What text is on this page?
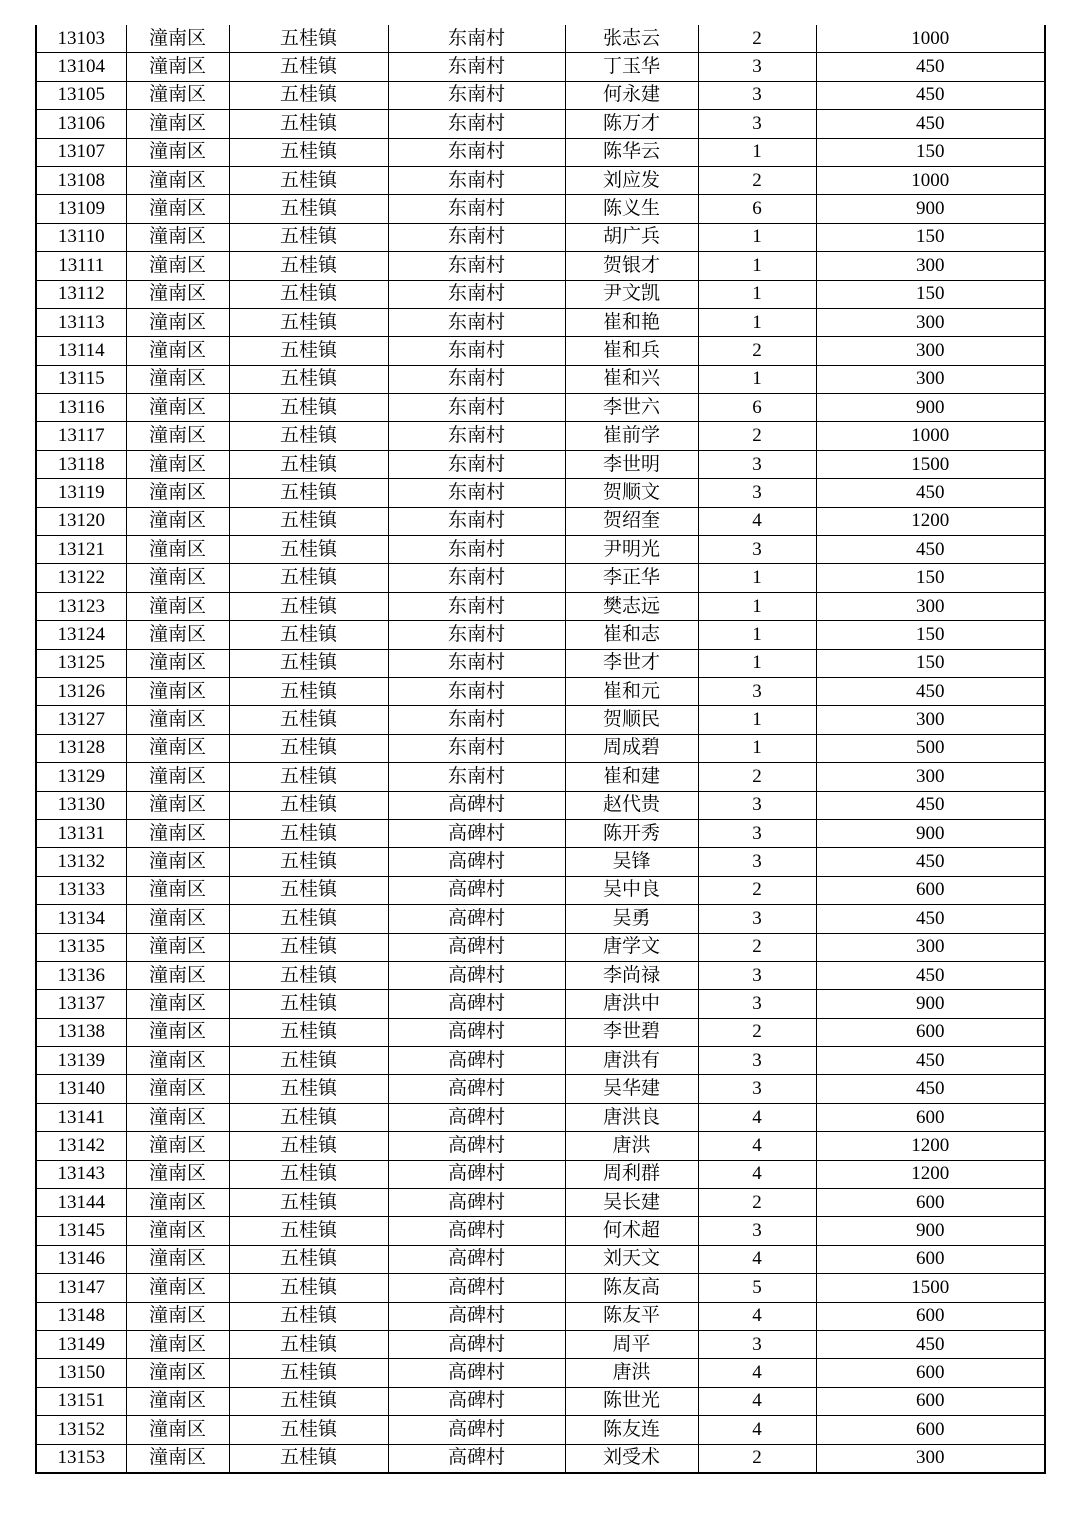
13103	潼南区	五桂镇	东南村	张志云	2	1000
13104	潼南区	五桂镇	东南村	丁玉华	3	450
13105	潼南区	五桂镇	东南村	何永建	3	450
13106	潼南区	五桂镇	东南村	陈万才	3	450
13107	潼南区	五桂镇	东南村	陈华云	1	150
13108	潼南区	五桂镇	东南村	刘应发	2	1000
13109	潼南区	五桂镇	东南村	陈义生	6	900
13110	潼南区	五桂镇	东南村	胡广兵	1	150
13111	潼南区	五桂镇	东南村	贺银才	1	300
13112	潼南区	五桂镇	东南村	尹文凯	1	150
13113	潼南区	五桂镇	东南村	崔和艳	1	300
13114	潼南区	五桂镇	东南村	崔和兵	2	300
13115	潼南区	五桂镇	东南村	崔和兴	1	300
13116	潼南区	五桂镇	东南村	李世六	6	900
13117	潼南区	五桂镇	东南村	崔前学	2	1000
13118	潼南区	五桂镇	东南村	李世明	3	1500
13119	潼南区	五桂镇	东南村	贺顺文	3	450
13120	潼南区	五桂镇	东南村	贺绍奎	4	1200
13121	潼南区	五桂镇	东南村	尹明光	3	450
13122	潼南区	五桂镇	东南村	李正华	1	150
13123	潼南区	五桂镇	东南村	樊志远	1	300
13124	潼南区	五桂镇	东南村	崔和志	1	150
13125	潼南区	五桂镇	东南村	李世才	1	150
13126	潼南区	五桂镇	东南村	崔和元	3	450
13127	潼南区	五桂镇	东南村	贺顺民	1	300
13128	潼南区	五桂镇	东南村	周成碧	1	500
13129	潼南区	五桂镇	东南村	崔和建	2	300
13130	潼南区	五桂镇	高碑村	赵代贵	3	450
13131	潼南区	五桂镇	高碑村	陈开秀	3	900
13132	潼南区	五桂镇	高碑村	吴锋	3	450
13133	潼南区	五桂镇	高碑村	吴中良	2	600
13134	潼南区	五桂镇	高碑村	吴勇	3	450
13135	潼南区	五桂镇	高碑村	唐学文	2	300
13136	潼南区	五桂镇	高碑村	李尚禄	3	450
13137	潼南区	五桂镇	高碑村	唐洪中	3	900
13138	潼南区	五桂镇	高碑村	李世碧	2	600
13139	潼南区	五桂镇	高碑村	唐洪有	3	450
13140	潼南区	五桂镇	高碑村	吴华建	3	450
13141	潼南区	五桂镇	高碑村	唐洪良	4	600
13142	潼南区	五桂镇	高碑村	唐洪	4	1200
13143	潼南区	五桂镇	高碑村	周利群	4	1200
13144	潼南区	五桂镇	高碑村	吴长建	2	600
13145	潼南区	五桂镇	高碑村	何术超	3	900
13146	潼南区	五桂镇	高碑村	刘天文	4	600
13147	潼南区	五桂镇	高碑村	陈友高	5	1500
13148	潼南区	五桂镇	高碑村	陈友平	4	600
13149	潼南区	五桂镇	高碑村	周平	3	450
13150	潼南区	五桂镇	高碑村	唐洪	4	600
13151	潼南区	五桂镇	高碑村	陈世光	4	600
13152	潼南区	五桂镇	高碑村	陈友连	4	600
13153	潼南区	五桂镇	高碑村	刘受术	2	300
